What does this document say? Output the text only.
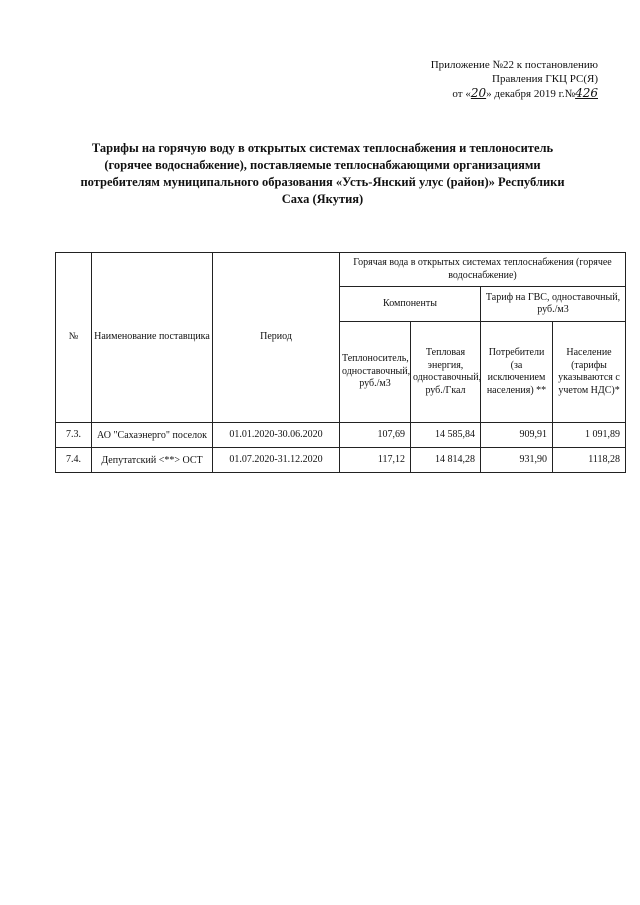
Приложение №22 к постановлению
Правления ГКЦ РС(Я)
от «20» декабря 2019 г.№426
Тарифы на горячую воду в открытых системах теплоснабжения и теплоноситель (горячее водоснабжение), поставляемые теплоснабжающими организациями потребителям муниципального образования «Усть-Янский улус (район)» Республики Саха (Якутия)
№	Наименование поставщика	Период	Горячая вода в открытых системах теплоснабжения (горячее водоснабжение)			
			Компоненты		Тариф на ГВС, одноставочный, руб./м3	
			Теплоноситель, одноставочный, руб./м3	Тепловая энергия, одноставочный, руб./Гкал	Потребители (за исключением населения) **	Население (тарифы указываются с учетом НДС)*
7.3.	АО "Сахаэнерго" поселок	01.01.2020-30.06.2020	107,69	14 585,84	909,91	1 091,89
7.4.	Депутатский <**> ОСТ	01.07.2020-31.12.2020	117,12	14 814,28	931,90	1118,28
